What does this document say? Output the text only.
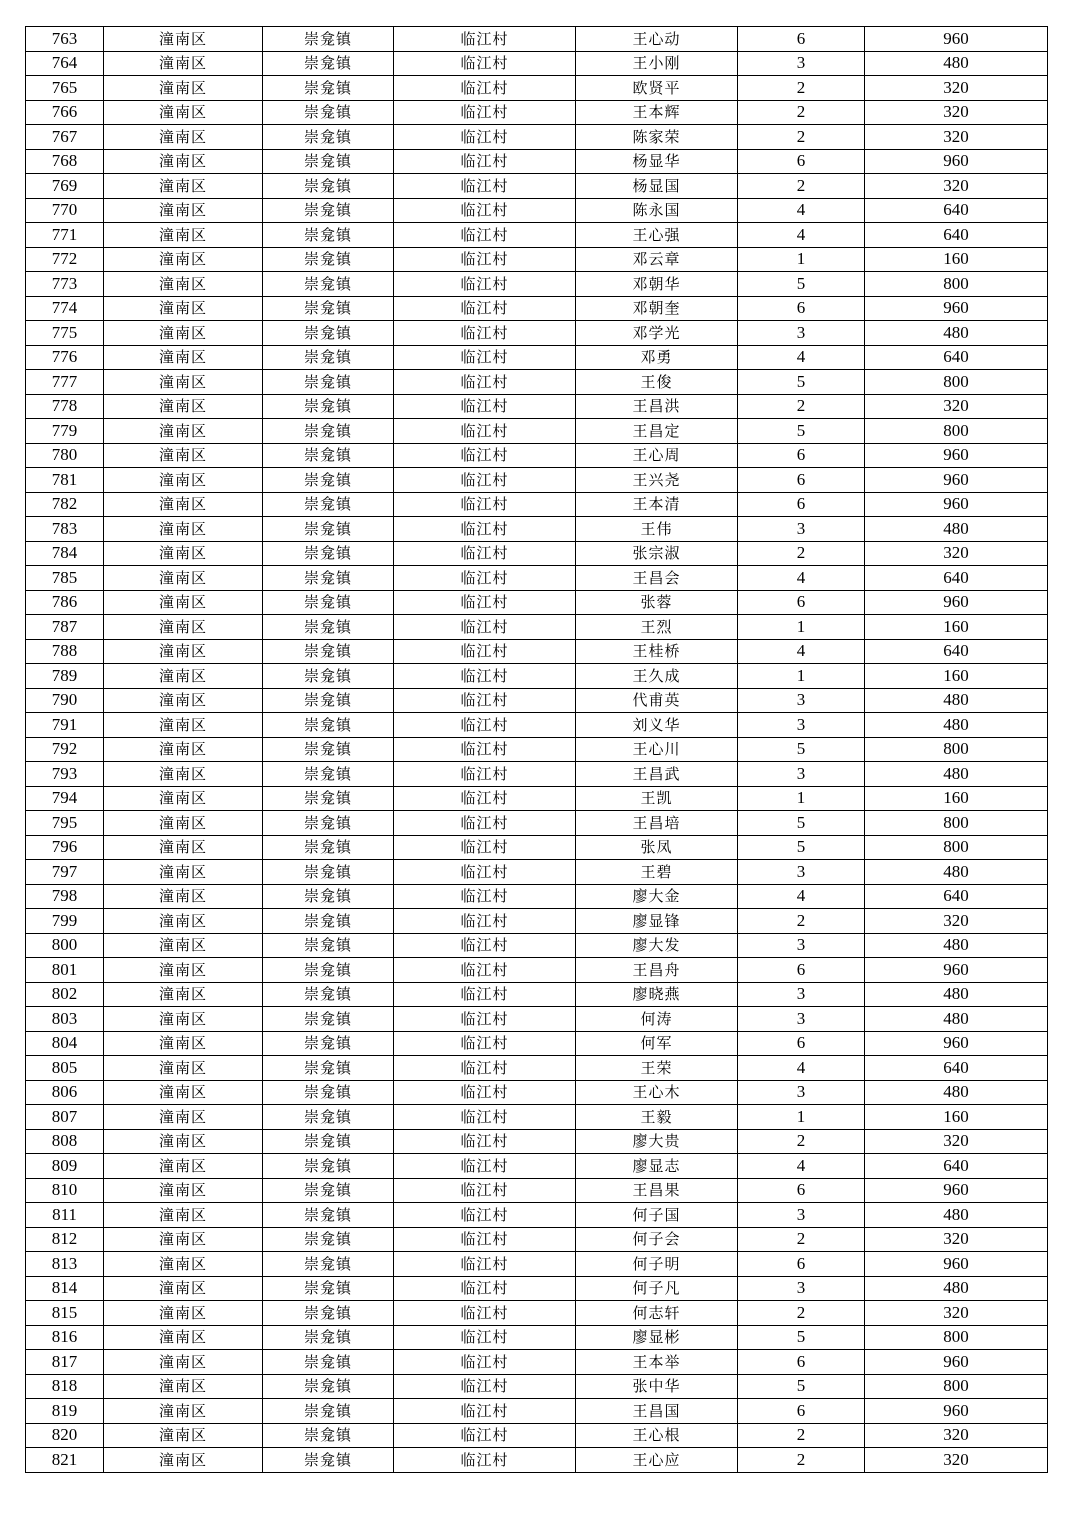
763	潼南区	崇龛镇	临江村	王心动	6	960
764	潼南区	崇龛镇	临江村	王小刚	3	480
765	潼南区	崇龛镇	临江村	欧贤平	2	320
766	潼南区	崇龛镇	临江村	王本辉	2	320
767	潼南区	崇龛镇	临江村	陈家荣	2	320
768	潼南区	崇龛镇	临江村	杨显华	6	960
769	潼南区	崇龛镇	临江村	杨显国	2	320
770	潼南区	崇龛镇	临江村	陈永国	4	640
771	潼南区	崇龛镇	临江村	王心强	4	640
772	潼南区	崇龛镇	临江村	邓云章	1	160
773	潼南区	崇龛镇	临江村	邓朝华	5	800
774	潼南区	崇龛镇	临江村	邓朝奎	6	960
775	潼南区	崇龛镇	临江村	邓学光	3	480
776	潼南区	崇龛镇	临江村	邓勇	4	640
777	潼南区	崇龛镇	临江村	王俊	5	800
778	潼南区	崇龛镇	临江村	王昌洪	2	320
779	潼南区	崇龛镇	临江村	王昌定	5	800
780	潼南区	崇龛镇	临江村	王心周	6	960
781	潼南区	崇龛镇	临江村	王兴尧	6	960
782	潼南区	崇龛镇	临江村	王本清	6	960
783	潼南区	崇龛镇	临江村	王伟	3	480
784	潼南区	崇龛镇	临江村	张宗淑	2	320
785	潼南区	崇龛镇	临江村	王昌会	4	640
786	潼南区	崇龛镇	临江村	张蓉	6	960
787	潼南区	崇龛镇	临江村	王烈	1	160
788	潼南区	崇龛镇	临江村	王桂桥	4	640
789	潼南区	崇龛镇	临江村	王久成	1	160
790	潼南区	崇龛镇	临江村	代甫英	3	480
791	潼南区	崇龛镇	临江村	刘义华	3	480
792	潼南区	崇龛镇	临江村	王心川	5	800
793	潼南区	崇龛镇	临江村	王昌武	3	480
794	潼南区	崇龛镇	临江村	王凯	1	160
795	潼南区	崇龛镇	临江村	王昌培	5	800
796	潼南区	崇龛镇	临江村	张凤	5	800
797	潼南区	崇龛镇	临江村	王碧	3	480
798	潼南区	崇龛镇	临江村	廖大金	4	640
799	潼南区	崇龛镇	临江村	廖显锋	2	320
800	潼南区	崇龛镇	临江村	廖大发	3	480
801	潼南区	崇龛镇	临江村	王昌舟	6	960
802	潼南区	崇龛镇	临江村	廖晓燕	3	480
803	潼南区	崇龛镇	临江村	何涛	3	480
804	潼南区	崇龛镇	临江村	何军	6	960
805	潼南区	崇龛镇	临江村	王荣	4	640
806	潼南区	崇龛镇	临江村	王心木	3	480
807	潼南区	崇龛镇	临江村	王毅	1	160
808	潼南区	崇龛镇	临江村	廖大贵	2	320
809	潼南区	崇龛镇	临江村	廖显志	4	640
810	潼南区	崇龛镇	临江村	王昌果	6	960
811	潼南区	崇龛镇	临江村	何子国	3	480
812	潼南区	崇龛镇	临江村	何子会	2	320
813	潼南区	崇龛镇	临江村	何子明	6	960
814	潼南区	崇龛镇	临江村	何子凡	3	480
815	潼南区	崇龛镇	临江村	何志轩	2	320
816	潼南区	崇龛镇	临江村	廖显彬	5	800
817	潼南区	崇龛镇	临江村	王本举	6	960
818	潼南区	崇龛镇	临江村	张中华	5	800
819	潼南区	崇龛镇	临江村	王昌国	6	960
820	潼南区	崇龛镇	临江村	王心根	2	320
821	潼南区	崇龛镇	临江村	王心应	2	320
